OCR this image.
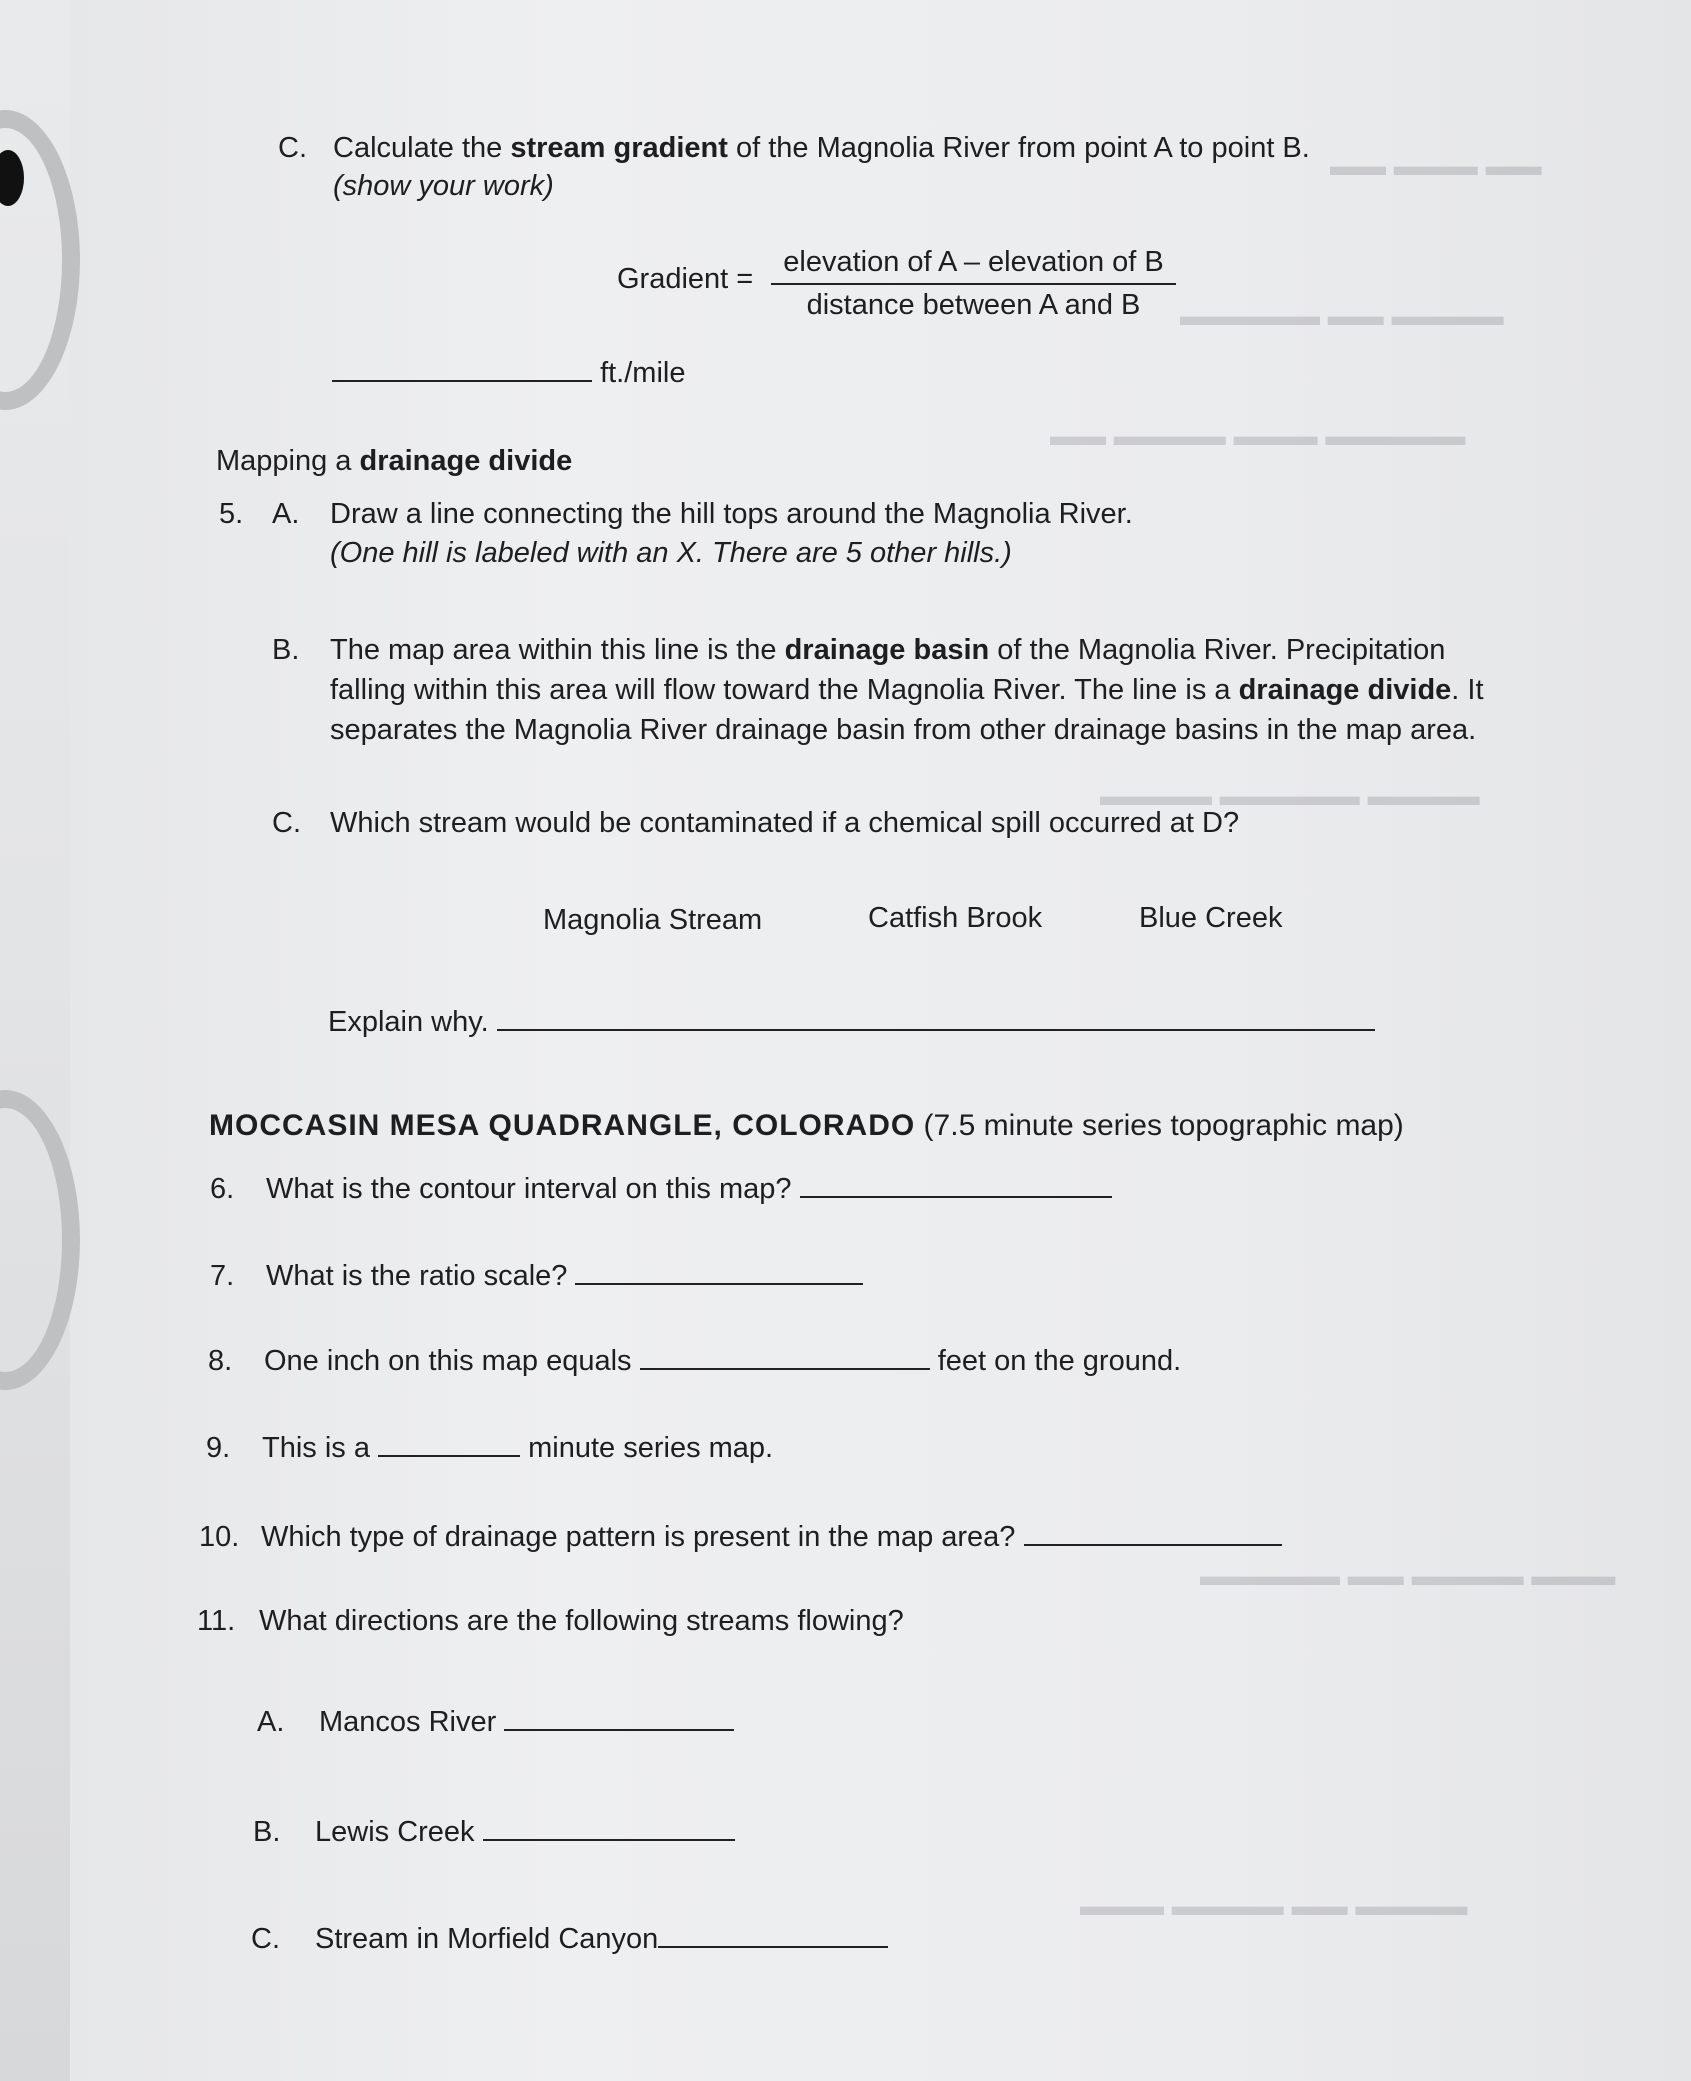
▬▬ ▬▬▬ ▬▬
▬▬▬▬ ▬▬ ▬▬▬▬▬
▬▬▬▬▬ ▬▬▬ ▬▬▬▬ ▬▬
▬▬▬▬ ▬▬▬▬▬ ▬▬▬▬
▬▬▬ ▬▬▬▬ ▬▬ ▬▬▬▬▬
▬▬▬▬ ▬▬ ▬▬▬▬ ▬▬▬
C. Calculate the stream gradient of the Magnolia River from point A to point B.
(show your work)
Gradient =
elevation of A – elevation of B
distance between A and B
ft./mile
Mapping a drainage divide
5. A. Draw a line connecting the hill tops around the Magnolia River.
(One hill is labeled with an X. There are 5 other hills.)
B. The map area within this line is the drainage basin of the Magnolia River. Precipitation
falling within this area will flow toward the Magnolia River. The line is a drainage divide. It
separates the Magnolia River drainage basin from other drainage basins in the map area.
C. Which stream would be contaminated if a chemical spill occurred at D?
Magnolia Stream	Catfish Brook	Blue Creek
Explain why.
MOCCASIN MESA QUADRANGLE, COLORADO (7.5 minute series topographic map)
6. What is the contour interval on this map?
7. What is the ratio scale?
8. One inch on this map equals	feet on the ground.
9. This is a	minute series map.
10. Which type of drainage pattern is present in the map area?
11. What directions are the following streams flowing?
A. Mancos River
B. Lewis Creek
C. Stream in Morfield Canyon
